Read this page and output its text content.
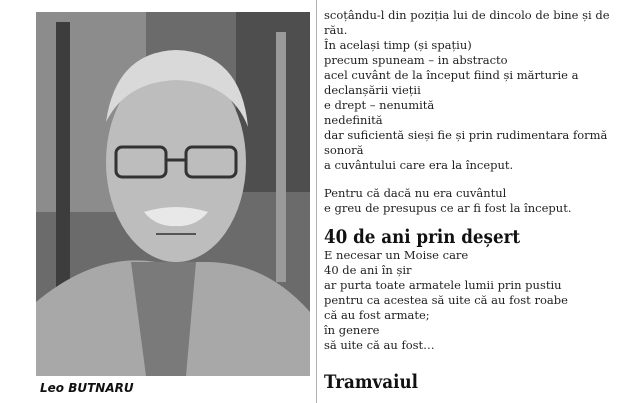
Leo BUTNARU

scoțându-l din poziția lui de dincolo de bine și de

rău.

În același timp (și spațiu)

precum spuneam – in abstracto

acel cuvânt de la început fiind și mărturie a

declanșării vieții

e drept – nenumită

nedefinită

dar suficientă sieși fie și prin rudimentara formă

sonoră

a cuvântului care era la început.

Pentru că dacă nu era cuvântul

e greu de presupus ce ar fi fost la început.

40 de ani prin deșert

E necesar un Moise care

40 de ani în șir

ar purta toate armatele lumii prin pustiu

pentru ca acestea să uite că au fost roabe

că au fost armate;

în genere

să uite că au fost…

Tramvaiul
